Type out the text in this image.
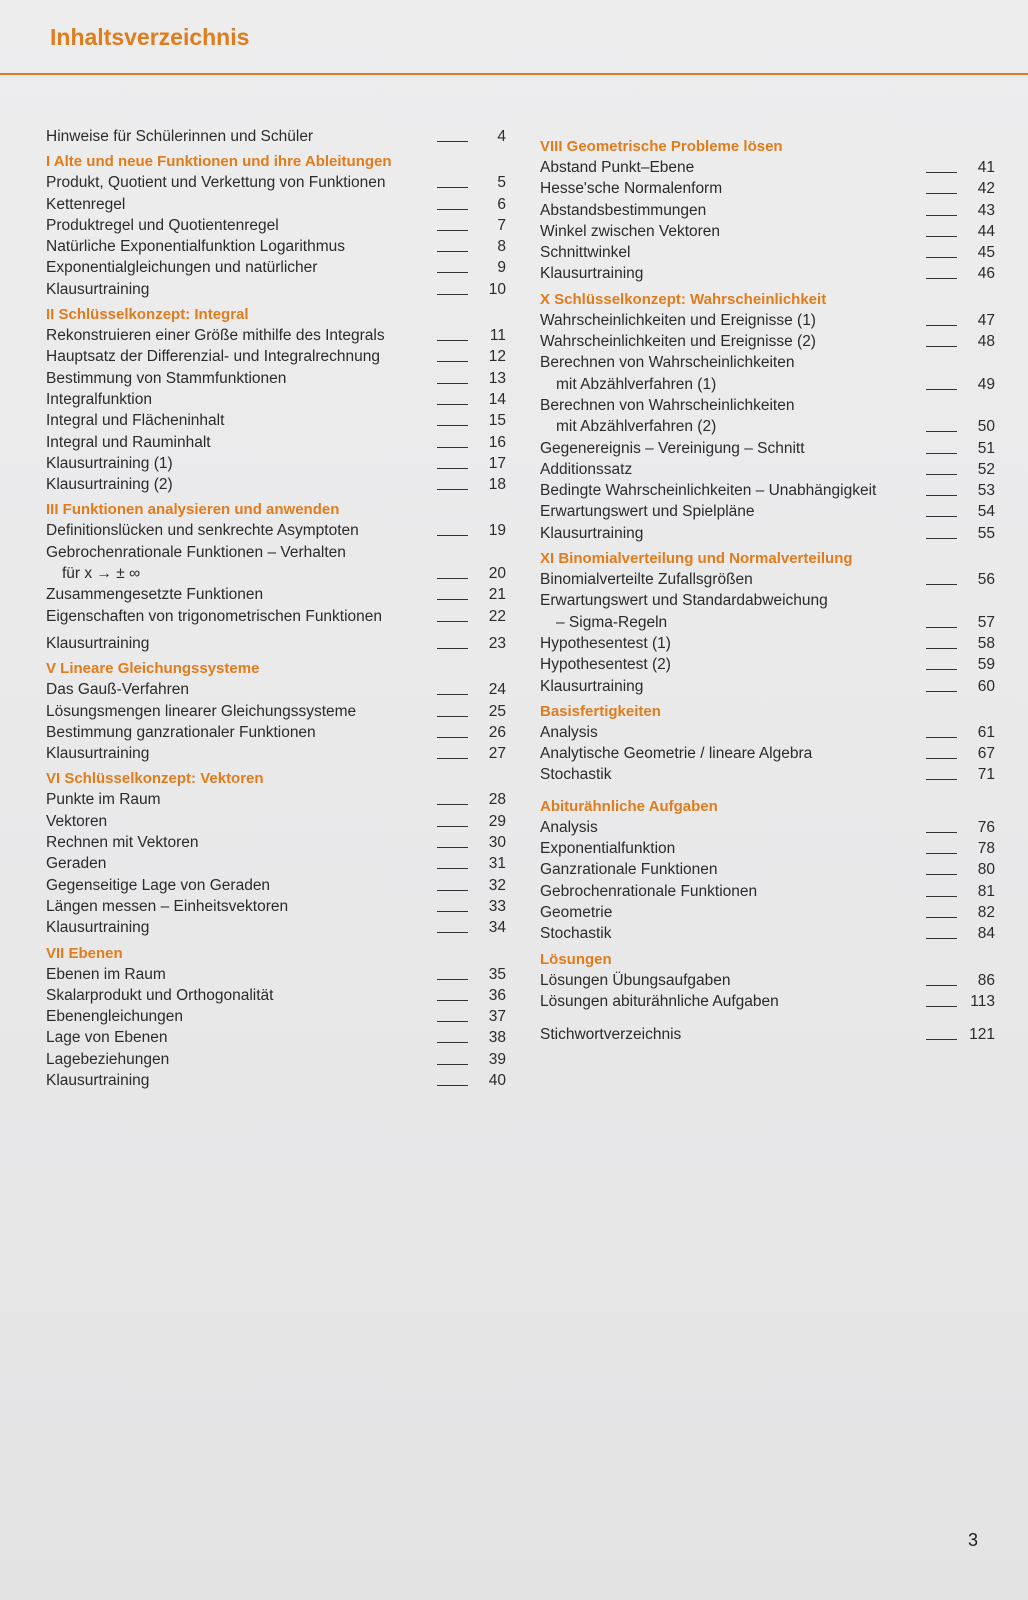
Inhaltsverzeichnis
Hinweise für Schülerinnen und Schüler	4
I Alte und neue Funktionen und ihre Ableitungen
Produkt, Quotient und Verkettung von Funktionen	5
Kettenregel	6
Produktregel und Quotientenregel	7
Natürliche Exponentialfunktion Logarithmus	8
Exponentialgleichungen und natürlicher	9
Klausurtraining	10
II Schlüsselkonzept: Integral
Rekonstruieren einer Größe mithilfe des Integrals	11
Hauptsatz der Differenzial- und Integralrechnung	12
Bestimmung von Stammfunktionen	13
Integralfunktion	14
Integral und Flächeninhalt	15
Integral und Rauminhalt	16
Klausurtraining (1)	17
Klausurtraining (2)	18
III Funktionen analysieren und anwenden
Definitionslücken und senkrechte Asymptoten	19
Gebrochenrationale Funktionen – Verhalten
für x → ± ∞	20
Zusammengesetzte Funktionen	21
Eigenschaften von trigonometrischen Funktionen	22
Klausurtraining	23
V Lineare Gleichungssysteme
Das Gauß-Verfahren	24
Lösungsmengen linearer Gleichungssysteme	25
Bestimmung ganzrationaler Funktionen	26
Klausurtraining	27
VI Schlüsselkonzept: Vektoren
Punkte im Raum	28
Vektoren	29
Rechnen mit Vektoren	30
Geraden	31
Gegenseitige Lage von Geraden	32
Längen messen – Einheitsvektoren	33
Klausurtraining	34
VII Ebenen
Ebenen im Raum	35
Skalarprodukt und Orthogonalität	36
Ebenengleichungen	37
Lage von Ebenen	38
Lagebeziehungen	39
Klausurtraining	40
VIII Geometrische Probleme lösen
Abstand Punkt–Ebene	41
Hesse'sche Normalenform	42
Abstandsbestimmungen	43
Winkel zwischen Vektoren	44
Schnittwinkel	45
Klausurtraining	46
X Schlüsselkonzept: Wahrscheinlichkeit
Wahrscheinlichkeiten und Ereignisse (1)	47
Wahrscheinlichkeiten und Ereignisse (2)	48
Berechnen von Wahrscheinlichkeiten
mit Abzählverfahren (1)	49
Berechnen von Wahrscheinlichkeiten
mit Abzählverfahren (2)	50
Gegenereignis – Vereinigung – Schnitt	51
Additionssatz	52
Bedingte Wahrscheinlichkeiten – Unabhängigkeit	53
Erwartungswert und Spielpläne	54
Klausurtraining	55
XI Binomialverteilung und Normalverteilung
Binomialverteilte Zufallsgrößen	56
Erwartungswert und Standardabweichung
– Sigma-Regeln	57
Hypothesentest (1)	58
Hypothesentest (2)	59
Klausurtraining	60
Basisfertigkeiten
Analysis	61
Analytische Geometrie / lineare Algebra	67
Stochastik	71
Abiturähnliche Aufgaben
Analysis	76
Exponentialfunktion	78
Ganzrationale Funktionen	80
Gebrochenrationale Funktionen	81
Geometrie	82
Stochastik	84
Lösungen
Lösungen Übungsaufgaben	86
Lösungen abiturähnliche Aufgaben	113
Stichwortverzeichnis	121
3
